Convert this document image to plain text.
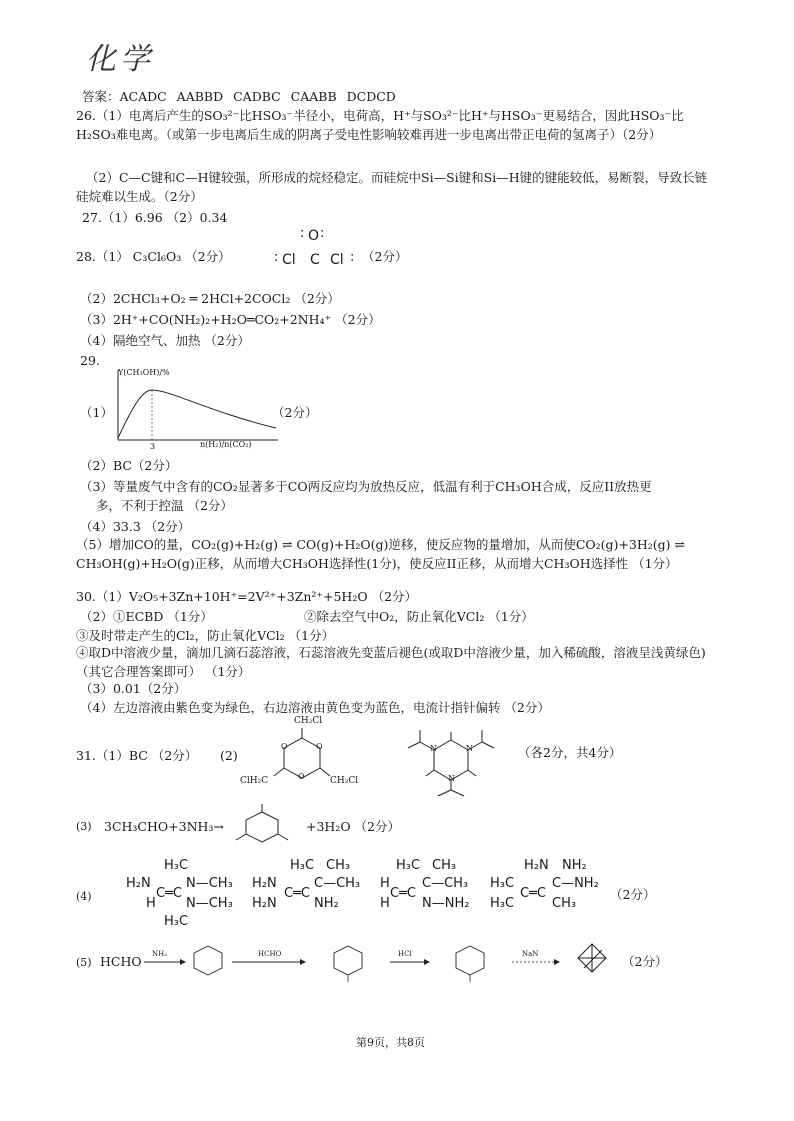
化学
答案：ACADC AABBD CADBC CAABB DCDCD
26.（1）电离后产生的SO₃²⁻比HSO₃⁻半径小，电荷高，H⁺与SO₃²⁻比H⁺与HSO₃⁻更易结合，因此HSO₃⁻比H₂SO₃难电离。（或第一步电离后生成的阴离子受电性影响较难再进一步电离出带正电荷的氢离子）（2分）
（2）C—C键和C—H键较强，所形成的烷烃稳定。而硅烷中Si—Si键和Si—H键的键能较低，易断裂，导致长链硅烷难以生成。（2分）
27.（1）6.96 （2）0.34
28.（1） C₃Cl₆O₃ （2分）
: O :
: Cl C Cl : （2分）
（2）2CHCl₃+O₂ ═ 2HCl+2COCl₂ （2分）
（3）2H⁺+CO(NH₂)₂+H₂O═CO₂+2NH₄⁺ （2分）
（4）隔绝空气、加热 （2分）
29.
（1）
Y(CH₃OH)/%
3	n(H₂)/n(CO₂)
（2分）
（2）BC（2分）
（3）等量废气中含有的CO₂显著多于CO两反应均为放热反应，低温有利于CH₃OH合成，反应II放热更
多，不利于控温 （2分）
（4）33.3 （2分）
（5）增加CO的量，CO₂(g)+H₂(g) ⇌ CO(g)+H₂O(g)逆移，使反应物的量增加，从而使CO₂(g)+3H₂(g) ⇌ CH₃OH(g)+H₂O(g)正移，从而增大CH₃OH选择性(1分)，使反应II正移，从而增大CH₃OH选择性 （1分）
30.（1）V₂O₅+3Zn+10H⁺=2V²⁺+3Zn²⁺+5H₂O （2分）
（2）①ECBD （1分）	②除去空气中O₂，防止氧化VCl₂ （1分）
③及时带走产生的Cl₂，防止氧化VCl₂ （1分）
④取D中溶液少量，滴加几滴石蕊溶液，石蕊溶液先变蓝后褪色(或取D中溶液少量，加入稀硫酸，溶液呈浅黄绿色)（其它合理答案即可） （1分）
（3）0.01（2分）
（4）左边溶液由紫色变为绿色，右边溶液由黄色变为蓝色，电流计指针偏转 （2分）
31.（1）BC （2分） (2)
CH₂Cl
ClH₂C	CH₂Cl
O	O
O
N	N
N
（各2分，共4分）
(3) 3CH₃CHO+3NH₃→	+3H₂O （2分）
(4)
H₃C
H₂N	N—CH₃
C═C
H N—CH₃
H₃C
H₃C CH₃
H₂N	C—CH₃
C═C
H₂N	NH₂
H₃C CH₃
H C—CH₃
C═C
H N—NH₂
H₂N NH₂
H₃C	C—NH₂
C═C
H₃C	CH₃
（2分）
(5) HCHO NH₃	HCHO	HCl	NaN	（2分）
第9页，共8页
